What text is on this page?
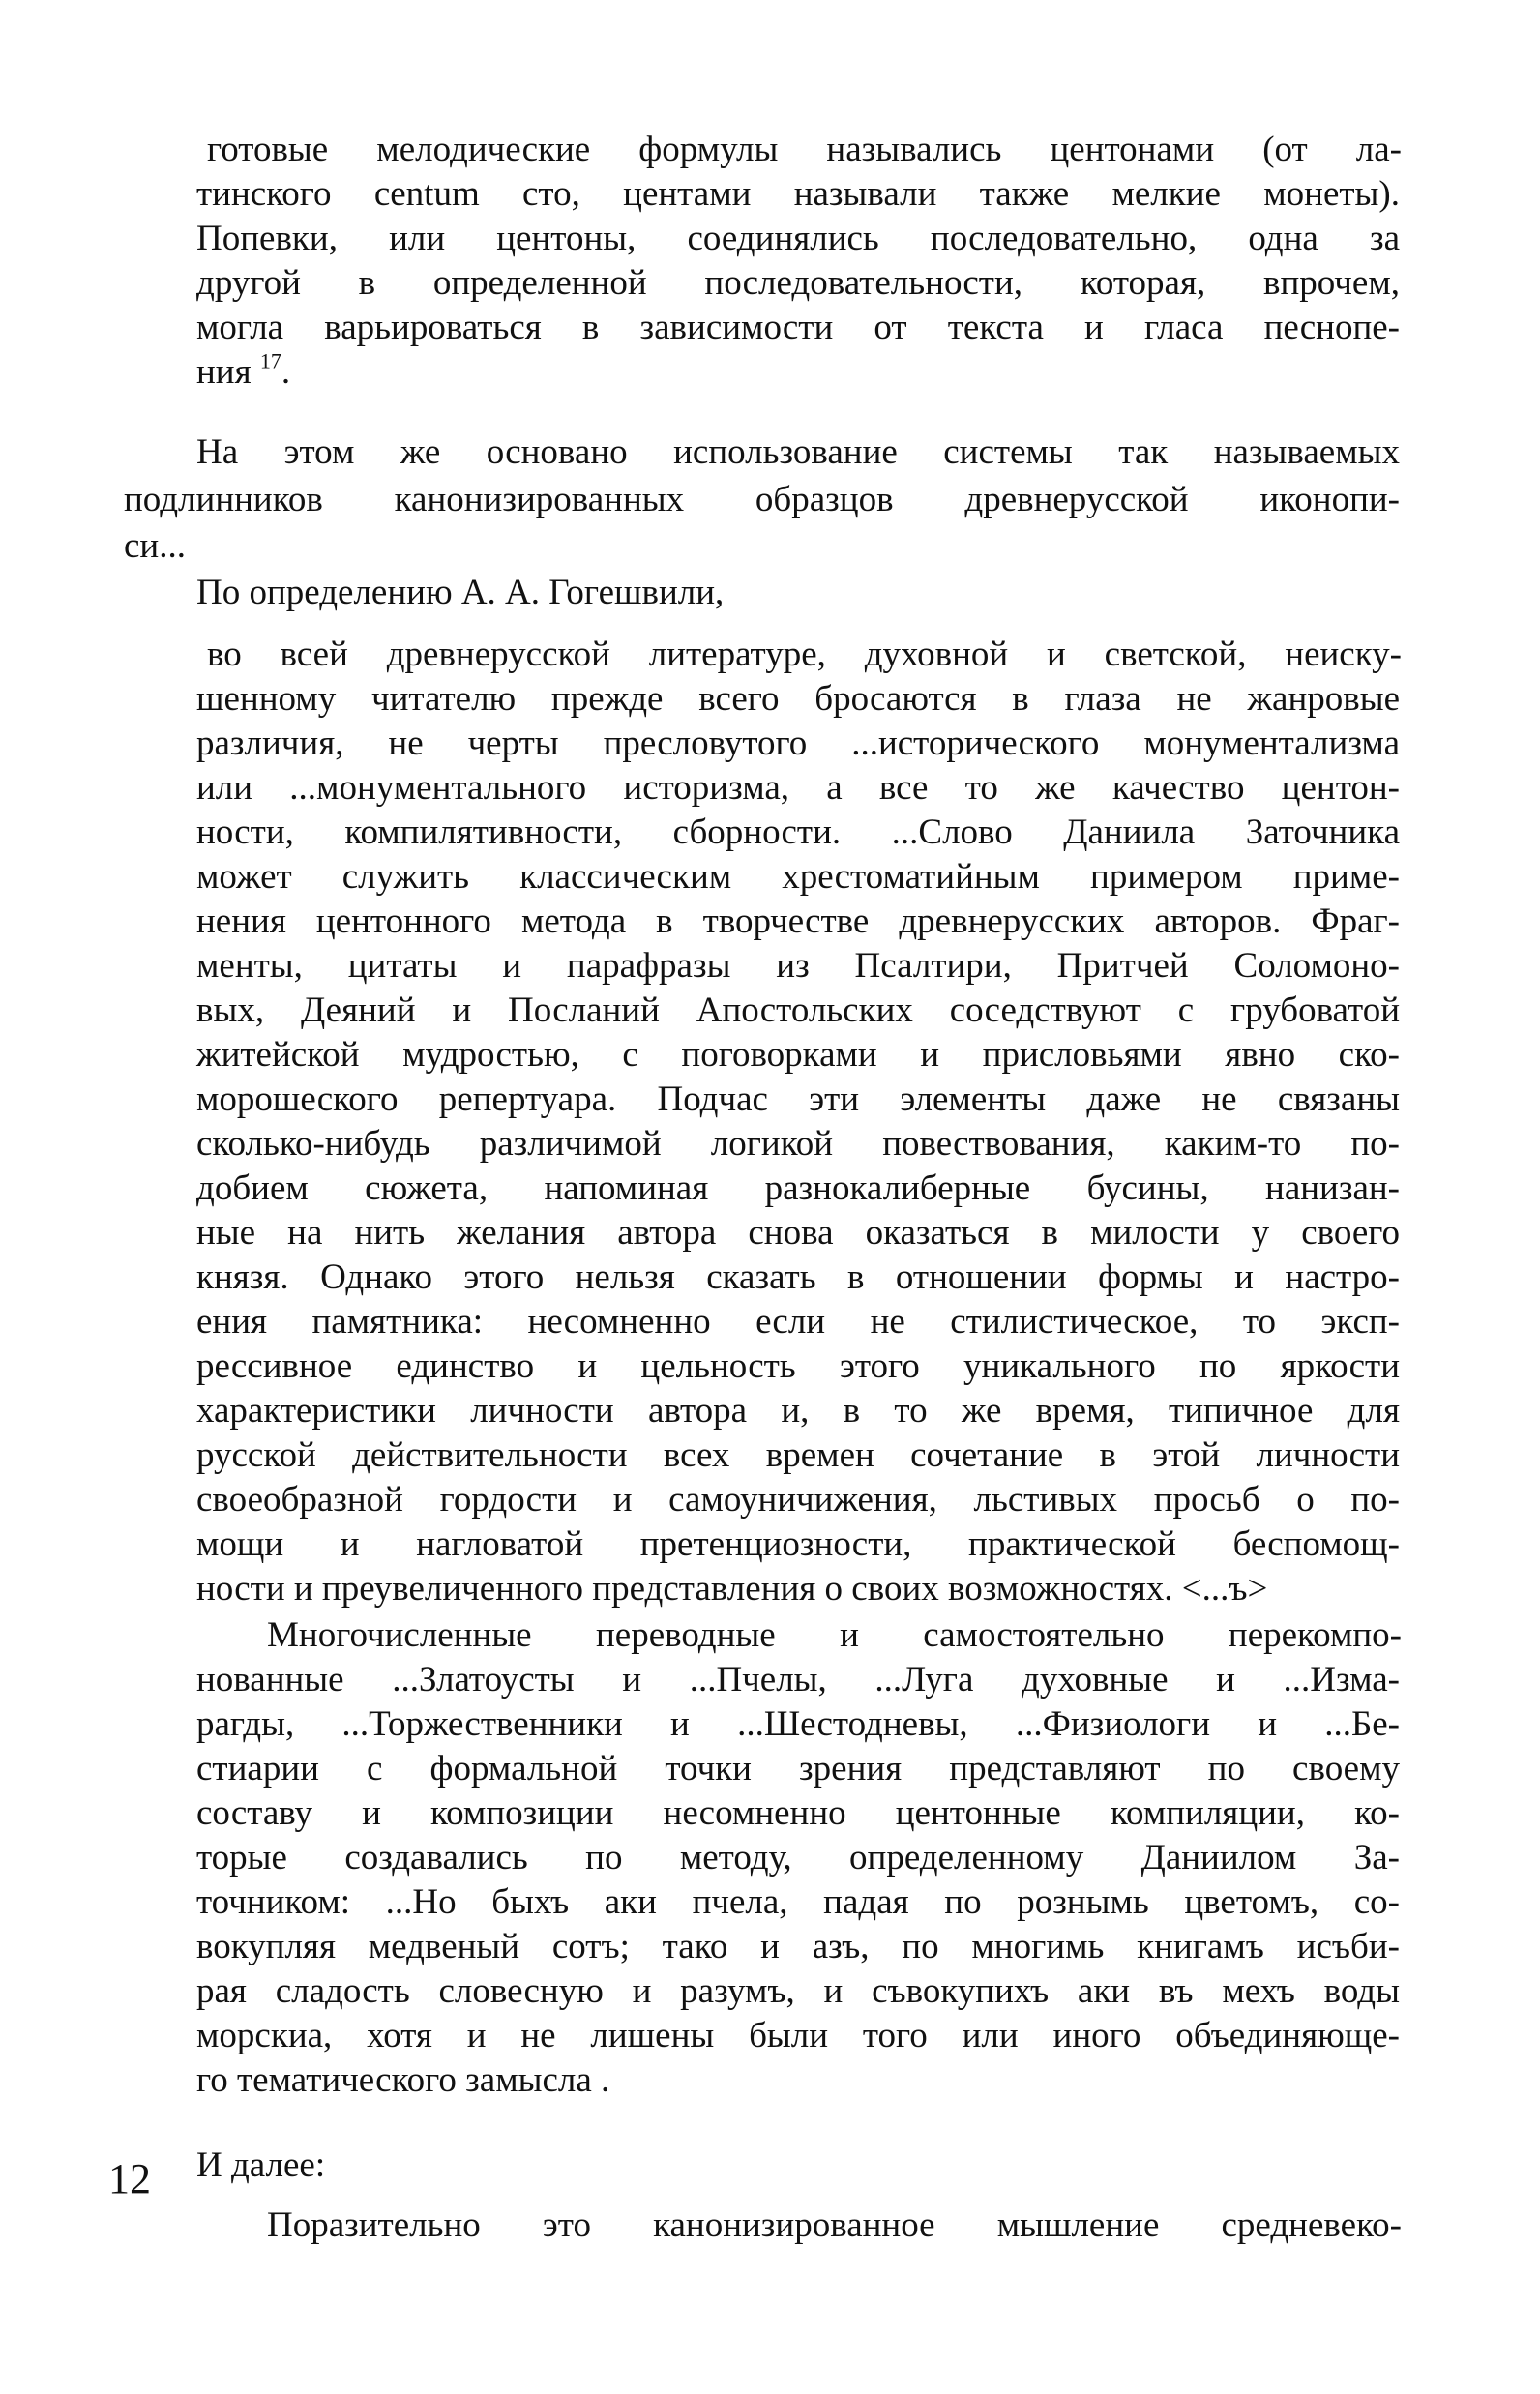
готовые мелодические формулы назывались центонами (от ла-
тинского centum сто, центами называли также мелкие монеты).
Попевки, или центоны, соединялись последовательно, одна за
другой в определенной последовательности, которая, впрочем,
могла варьироваться в зависимости от текста и гласа песнопе-
ния $^{17}$.
На этом же основано использование системы так называемых
подлинников канонизированных образцов древнерусской иконопи-
си...
По определению А. А. Гогешвили,
во всей древнерусской литературе, духовной и светской, неиску-
шенному читателю прежде всего бросаются в глаза не жанровые
различия, не черты пресловутого ...исторического монументализма
или ...монументального историзма, а все то же качество центон-
ности, компилятивности, сборности. ...Слово Даниила Заточника
может служить классическим хрестоматийным примером приме-
нения центонного метода в творчестве древнерусских авторов. Фраг-
менты, цитаты и парафразы из Псалтири, Притчей Соломоно-
вых, Деяний и Посланий Апостольских соседствуют с грубоватой
житейской мудростью, с поговорками и присловьями явно ско-
морошеского репертуара. Подчас эти элементы даже не связаны
сколько-нибудь различимой логикой повествования, каким-то по-
добием сюжета, напоминая разнокалиберные бусины, нанизан-
ные на нить желания автора снова оказаться в милости у своего
князя. Однако этого нельзя сказать в отношении формы и настро-
ения памятника: несомненно если не стилистическое, то эксп-
рессивное единство и цельность этого уникального по яркости
характеристики личности автора и, в то же время, типичное для
русской действительности всех времен сочетание в этой личности
своеобразной гордости и самоуничижения, льстивых просьб о по-
мощи и нагловатой претенциозности, практической беспомощ-
ности и преувеличенного представления о своих возможностях. <...ъ>
Многочисленные переводные и самостоятельно перекомпо-
нованные ...Златоусты и ...Пчелы, ...Луга духовные и ...Изма-
рагды, ...Торжественники и ...Шестодневы, ...Физиологи и ...Бе-
стиарии с формальной точки зрения представляют по своему
составу и композиции несомненно центонные компиляции, ко-
торые создавались по методу, определенному Даниилом За-
точником: ...Но быхъ аки пчела, падая по рознымь цветомъ, со-
вокупляя медвеный сотъ; тако и азъ, по многимь книгамъ исъби-
рая сладость словесную и разумъ, и съвокупихъ аки въ мехъ воды
морскиа, хотя и не лишены были того или иного объединяюще-
го тематического замысла .
И далее:
Поразительно это канонизированное мышление средневеко-
12
